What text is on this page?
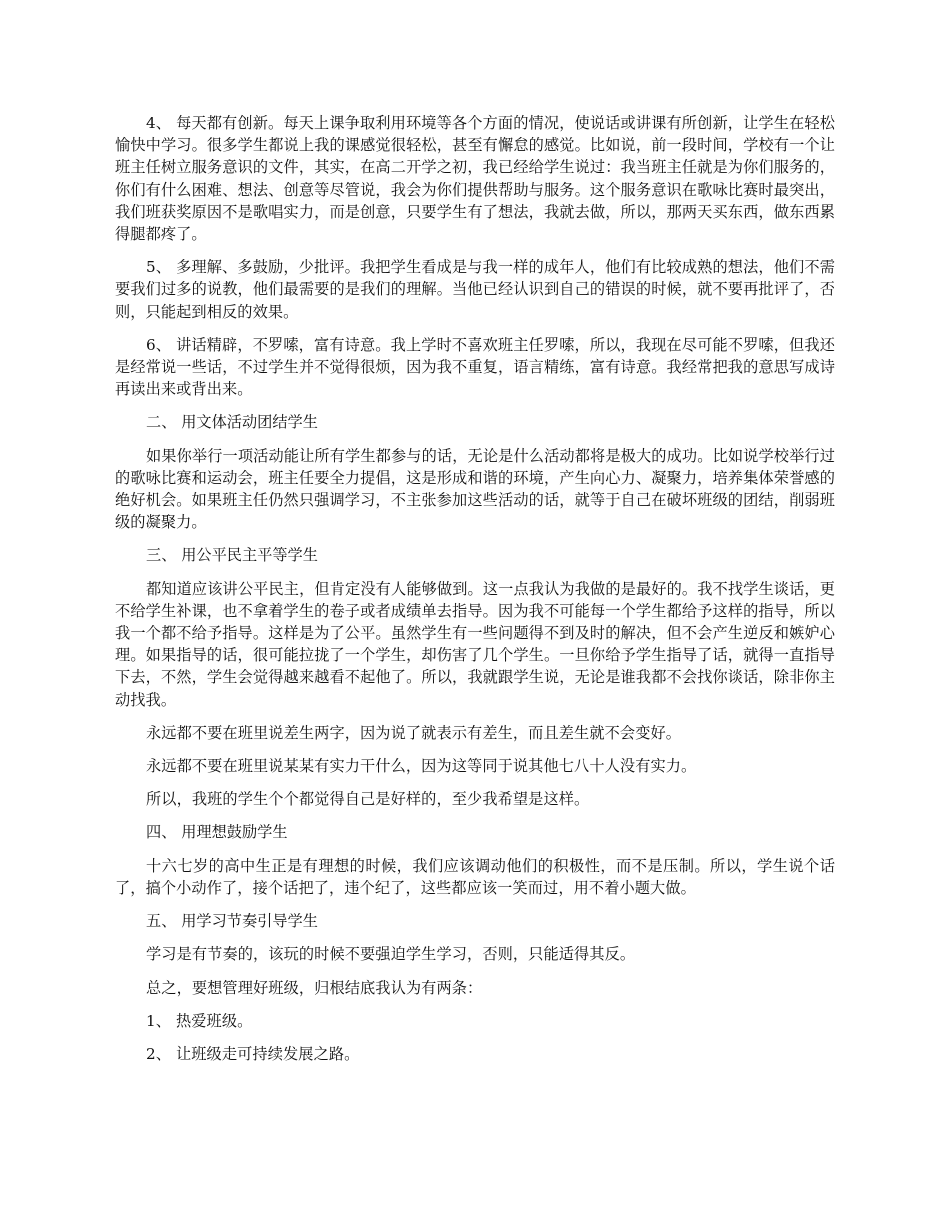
4、 每天都有创新。每天上课争取利用环境等各个方面的情况，使说话或讲课有所创新，让学生在轻松愉快中学习。很多学生都说上我的课感觉很轻松，甚至有懈怠的感觉。比如说，前一段时间，学校有一个让班主任树立服务意识的文件，其实，在高二开学之初，我已经给学生说过：我当班主任就是为你们服务的，你们有什么困难、想法、创意等尽管说，我会为你们提供帮助与服务。这个服务意识在歌咏比赛时最突出，我们班获奖原因不是歌唱实力，而是创意，只要学生有了想法，我就去做，所以，那两天买东西，做东西累得腿都疼了。

5、 多理解、多鼓励，少批评。我把学生看成是与我一样的成年人，他们有比较成熟的想法，他们不需要我们过多的说教，他们最需要的是我们的理解。当他已经认识到自己的错误的时候，就不要再批评了，否则，只能起到相反的效果。

6、 讲话精辟，不罗嗦，富有诗意。我上学时不喜欢班主任罗嗦，所以，我现在尽可能不罗嗦，但我还是经常说一些话，不过学生并不觉得很烦，因为我不重复，语言精练，富有诗意。我经常把我的意思写成诗再读出来或背出来。

二、 用文体活动团结学生

如果你举行一项活动能让所有学生都参与的话，无论是什么活动都将是极大的成功。比如说学校举行过的歌咏比赛和运动会，班主任要全力提倡，这是形成和谐的环境，产生向心力、凝聚力，培养集体荣誉感的绝好机会。如果班主任仍然只强调学习，不主张参加这些活动的话，就等于自己在破坏班级的团结，削弱班级的凝聚力。

三、 用公平民主平等学生

都知道应该讲公平民主，但肯定没有人能够做到。这一点我认为我做的是最好的。我不找学生谈话，更不给学生补课，也不拿着学生的卷子或者成绩单去指导。因为我不可能每一个学生都给予这样的指导，所以我一个都不给予指导。这样是为了公平。虽然学生有一些问题得不到及时的解决，但不会产生逆反和嫉妒心理。如果指导的话，很可能拉拢了一个学生，却伤害了几个学生。一旦你给予学生指导了话，就得一直指导下去，不然，学生会觉得越来越看不起他了。所以，我就跟学生说，无论是谁我都不会找你谈话，除非你主动找我。

永远都不要在班里说差生两字，因为说了就表示有差生，而且差生就不会变好。

永远都不要在班里说某某有实力干什么，因为这等同于说其他七八十人没有实力。

所以，我班的学生个个都觉得自己是好样的，至少我希望是这样。

四、 用理想鼓励学生

十六七岁的高中生正是有理想的时候，我们应该调动他们的积极性，而不是压制。所以，学生说个话了，搞个小动作了，接个话把了，违个纪了，这些都应该一笑而过，用不着小题大做。

五、 用学习节奏引导学生

学习是有节奏的，该玩的时候不要强迫学生学习，否则，只能适得其反。

总之，要想管理好班级，归根结底我认为有两条：

1、 热爱班级。

2、 让班级走可持续发展之路。
